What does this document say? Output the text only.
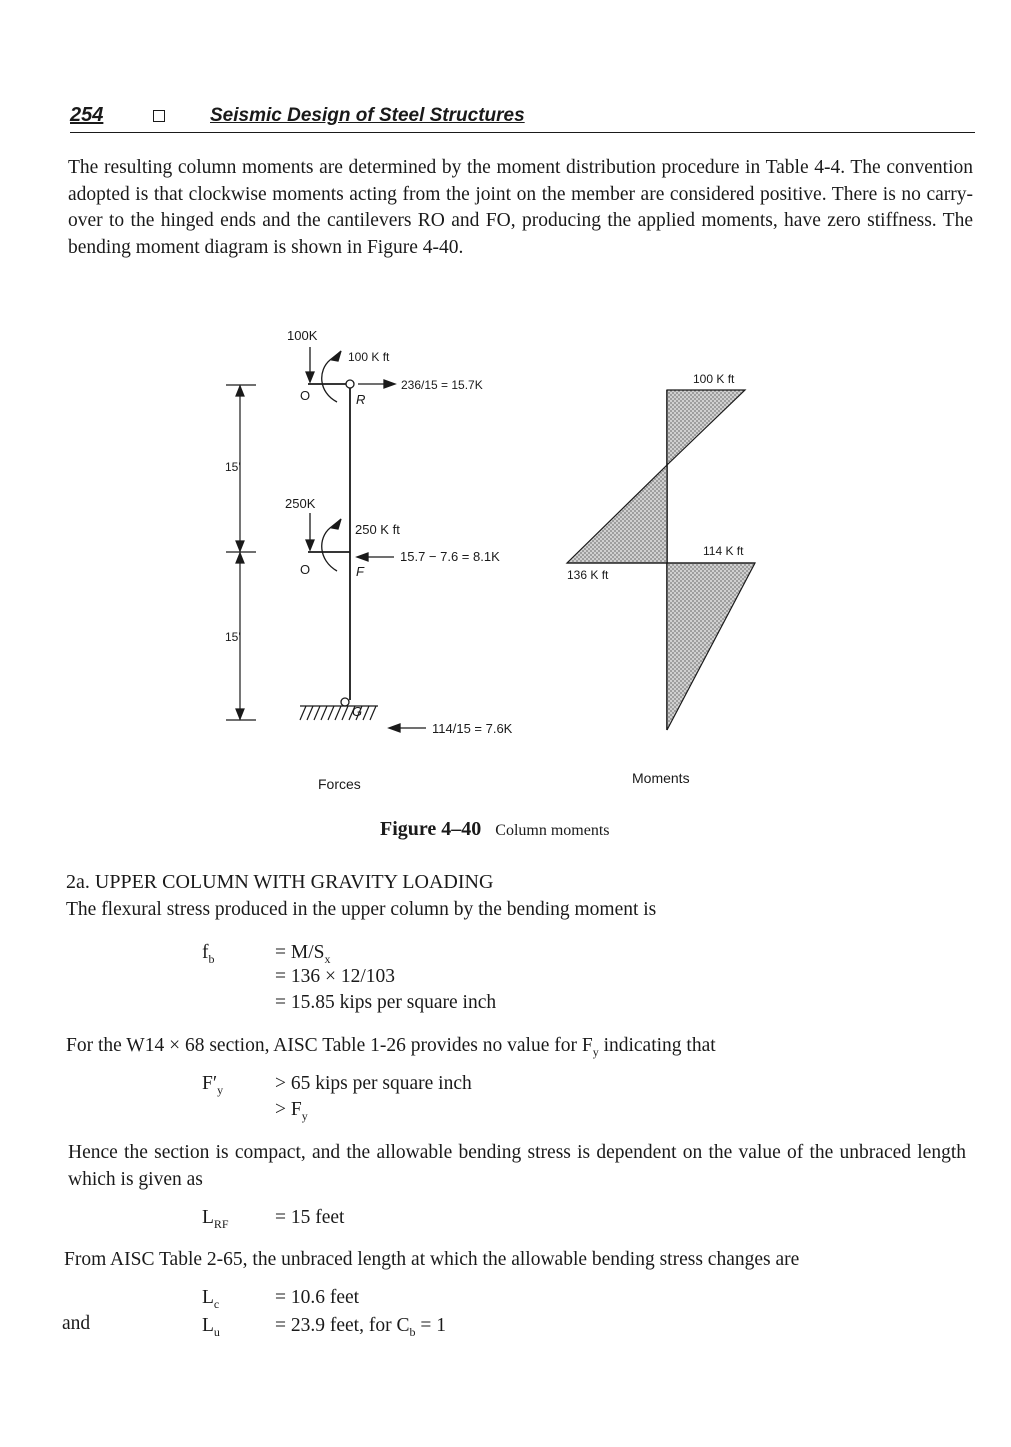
254	Seismic Design of Steel Structures

The resulting column moments are determined by the moment distribution procedure in Table 4-4. The convention adopted is that clockwise moments acting from the joint on the member are considered positive. There is no carry-over to the hinged ends and the cantilevers RO and FO, producing the applied moments, have zero stiffness. The bending moment diagram is shown in Figure 4-40.

100K
100 K ft
236/15 = 15.7K
O	R
15'
250K
250 K ft
15.7 − 7.6 = 8.1K
O	F
15'
G
114/15 = 7.6K
Forces
100 K ft
114 K ft
136 K ft
Moments
Figure 4–40 Column moments
2a. UPPER COLUMN WITH GRAVITY LOADING
The flexural stress produced in the upper column by the bending moment is
$f_b$	= $M/S_x$
= 136 × 12/103
= 15.85 kips per square inch
For the W14 × 68 section, AISC Table 1-26 provides no value for $F_y$ indicating that
$F'_y$	> 65 kips per square inch
> $F_y$

Hence the section is compact, and the allowable bending stress is dependent on the value of the unbraced length which is given as

$L_{RF} = 15$ feet
From AISC Table 2-65, the unbraced length at which the allowable bending stress changes are
$L_c$	= 10.6 feet
and	$L_u$	= 23.9 feet, for $C_b = 1$
